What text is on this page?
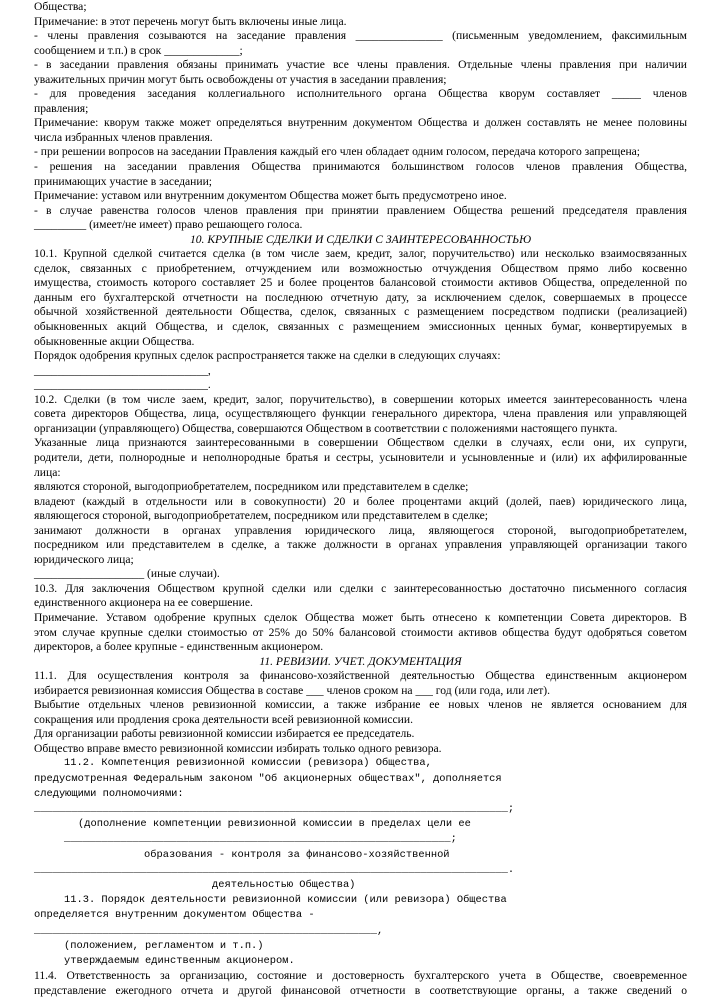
Общества;
Примечание: в этот перечень могут быть включены иные лица.
- члены правления созываются на заседание правления _______________ (письменным уведомлением, факсимильным
сообщением и т.п.) в срок _____________;
- в заседании правления обязаны принимать участие все члены правления. Отдельные члены правления при наличии
уважительных причин могут быть освобождены от участия в заседании правления;
- для проведения заседания коллегиального исполнительного органа Общества кворум составляет _____ членов
правления;
Примечание: кворум также может определяться внутренним документом Общества и должен составлять не менее половины
числа избранных членов правления.
- при решении вопросов на заседании Правления каждый его член обладает одним голосом, передача которого запрещена;
- решения на заседании правления Общества принимаются большинством голосов членов правления Общества,
принимающих участие в заседании;
Примечание: уставом или внутренним документом Общества может быть предусмотрено иное.
- в случае равенства голосов членов правления при принятии правлением Общества решений председателя правления
_________ (имеет/не имеет) право решающего голоса.
10. КРУПНЫЕ СДЕЛКИ И СДЕЛКИ С ЗАИНТЕРЕСОВАННОСТЬЮ
10.1. Крупной сделкой считается сделка (в том числе заем, кредит, залог, поручительство) или несколько взаимосвязанных
сделок, связанных с приобретением, отчуждением или возможностью отчуждения Обществом прямо либо косвенно
имущества, стоимость которого составляет 25 и более процентов балансовой стоимости активов Общества, определенной по
данным его бухгалтерской отчетности на последнюю отчетную дату, за исключением сделок, совершаемых в процессе
обычной хозяйственной деятельности Общества, сделок, связанных с размещением посредством подписки (реализацией)
обыкновенных акций Общества, и сделок, связанных с размещением эмиссионных ценных бумаг, конвертируемых в
обыкновенные акции Общества.
Порядок одобрения крупных сделок распространяется также на сделки в следующих случаях:
______________________________,
______________________________.
10.2. Сделки (в том числе заем, кредит, залог, поручительство), в совершении которых имеется заинтересованность члена
совета директоров Общества, лица, осуществляющего функции генерального директора, члена правления или управляющей
организации (управляющего) Общества, совершаются Обществом в соответствии с положениями настоящего пункта.
Указанные лица признаются заинтересованными в совершении Обществом сделки в случаях, если они, их супруги,
родители, дети, полнородные и неполнородные братья и сестры, усыновители и усыновленные и (или) их аффилированные
лица:
являются стороной, выгодоприобретателем, посредником или представителем в сделке;
владеют (каждый в отдельности или в совокупности) 20 и более процентами акций (долей, паев) юридического лица,
являющегося стороной, выгодоприобретателем, посредником или представителем в сделке;
занимают должности в органах управления юридического лица, являющегося стороной, выгодоприобретателем,
посредником или представителем в сделке, а также должности в органах управления управляющей организации такого
юридического лица;
___________________ (иные случаи).
10.3. Для заключения Обществом крупной сделки или сделки с заинтересованностью достаточно письменного согласия
единственного акционера на ее совершение.
Примечание. Уставом одобрение крупных сделок Общества может быть отнесено к компетенции Совета директоров. В
этом случае крупные сделки стоимостью от 25% до 50% балансовой стоимости активов общества будут одобряться советом
директоров, а более крупные - единственным акционером.
11. РЕВИЗИИ. УЧЕТ. ДОКУМЕНТАЦИЯ
11.1. Для осуществления контроля за финансово-хозяйственной деятельностью Общества единственным акционером
избирается ревизионная комиссия Общества в составе ___ членов сроком на ___ год (или года, или лет).
Выбытие отдельных членов ревизионной комиссии, а также избрание ее новых членов не является основанием для
сокращения или продления срока деятельности всей ревизионной комиссии.
Для организации работы ревизионной комиссии избирается ее председатель.
Общество вправе вместо ревизионной комиссии избирать только одного ревизора.
11.2. Компетенция ревизионной комиссии (ревизора) Общества,
предусмотренная Федеральным законом "Об акционерных обществах", дополняется
следующими полномочиями:
____________________________________________________________________________;
(дополнение компетенции ревизионной комиссии в пределах цели ее
______________________________________________________________;
образования - контроля за финансово-хозяйственной
____________________________________________________________________________.
деятельностью Общества)
11.3. Порядок деятельности ревизионной комиссии (или ревизора) Общества
определяется внутренним документом Общества -
_______________________________________________________,
(положением, регламентом и т.п.)
утверждаемым единственным акционером.
11.4. Ответственность за организацию, состояние и достоверность бухгалтерского учета в Обществе, своевременное
представление ежегодного отчета и другой финансовой отчетности в соответствующие органы, а также сведений о
